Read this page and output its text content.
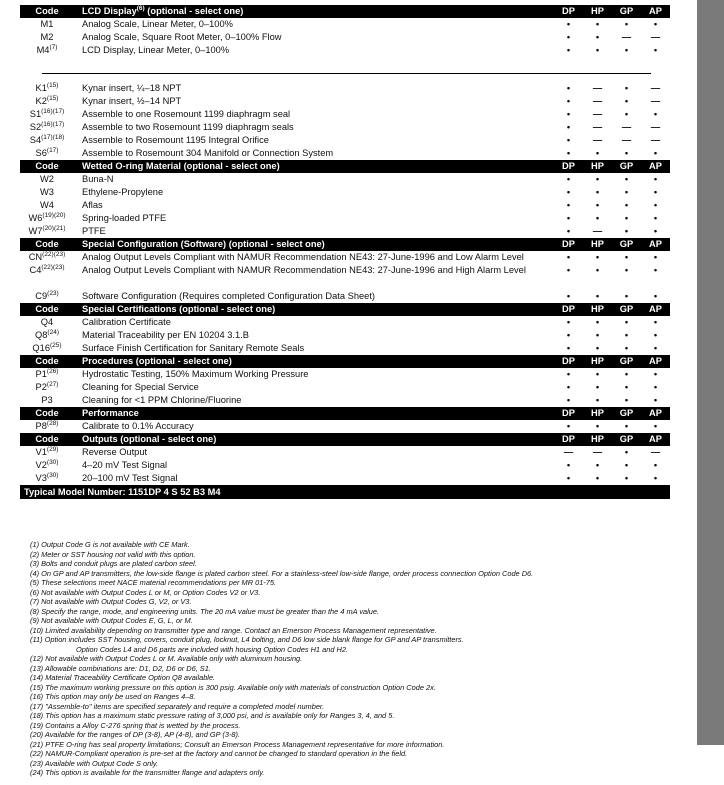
Code	LCD Display$^{(6)}$ (optional - select one)	DP	HP	GP	AP
M1	Analog Scale, Linear Meter, 0–100%	•	•	•	•
M2	Analog Scale, Square Root Meter, 0–100% Flow	•	•	—	—
M4$^{(7)}$	LCD Display, Linear Meter, 0–100%	•	•	•	•
K1$^{(15)}$	Kynar insert, ¼–18 NPT	•	—	•	—
K2$^{(15)}$	Kynar insert, ½–14 NPT	•	—	•	—
$S1^{(16)(17)}$	Assemble to one Rosemount 1199 diaphragm seal	•	—	•	•
$S2^{(16)(17)}$	Assemble to two Rosemount 1199 diaphragm seals	•	—	—	—
$S4^{(17)(18)}$	Assemble to Rosemount 1195 Integral Orifice	•	—	—	—
S6$^{(17)}$	Assemble to Rosemount 304 Manifold or Connection System	•	•	•	•
Code	Wetted O-ring Material (optional - select one)	DP	HP	GP	AP
W2	Buna-N	•	•	•	•
W3	Ethylene-Propylene	•	•	•	•
W4	Aflas	•	•	•	•
$W6^{(19)(20)}$	Spring-loaded PTFE	•	•	•	•
$W7^{(20)(21)}$	PTFE	•	—	•	•
Code	Special Configuration (Software) (optional - select one)	DP	HP	GP	AP
$CN^{(22)(23)}$	Analog Output Levels Compliant with NAMUR Recommendation NE43: 27-June-1996 and Low Alarm Level	•	•	•	•
$C4^{(22)(23)}$	Analog Output Levels Compliant with NAMUR Recommendation NE43: 27-June-1996 and High Alarm Level	•	•	•	•
C9$^{(23)}$	Software Configuration (Requires completed Configuration Data Sheet)	•	•	•	•
Code	Special Certifications (optional - select one)	DP	HP	GP	AP
Q4	Calibration Certificate	•	•	•	•
Q8$^{(24)}$	Material Traceability per EN 10204 3.1.B	•	•	•	•
Q16$^{(25)}$	Surface Finish Certification for Sanitary Remote Seals	•	•	•	•
Code	Procedures (optional - select one)	DP	HP	GP	AP
P1$^{(26)}$	Hydrostatic Testing, 150% Maximum Working Pressure	•	•	•	•
P2$^{(27)}$	Cleaning for Special Service	•	•	•	•
P3	Cleaning for <1 PPM Chlorine/Fluorine	•	•	•	•
Code	Performance	DP	HP	GP	AP
P8$^{(28)}$	Calibrate to 0.1% Accuracy	•	•	•	•
Code	Outputs (optional - select one)	DP	HP	GP	AP
V1$^{(29)}$	Reverse Output	—	—	•	—
V2$^{(30)}$	4–20 mV Test Signal	•	•	•	•
V3$^{(30)}$	20–100 mV Test Signal	•	•	•	•
Typical Model Number: 1151DP 4 S 52 B3 M4					
(1) Output Code G is not available with CE Mark.
(2) Meter or SST housing not valid with this option.
(3) Bolts and conduit plugs are plated carbon steel.
(4) On GP and AP transmitters, the low-side flange is plated carbon steel. For a stainless-steel low-side flange, order process connection Option Code D6.
(5) These selections meet NACE material recommendations per MR 01-75.
(6) Not available with Output Codes L or M, or Option Codes V2 or V3.
(7) Not available with Output Codes G, V2, or V3.
(8) Specify the range, mode, and engineering units. The 20 mA value must be greater than the 4 mA value.
(9) Not available with Output Codes E, G, L, or M.
(10) Limited availability depending on transmitter type and range. Contact an Emerson Process Management representative.
(11) Option includes SST housing, covers, conduit plug, locknut, L4 bolting, and D6 low side blank flange for GP and AP transmitters.
Option Codes L4 and D6 parts are included with housing Option Codes H1 and H2.
(12) Not available with Output Codes L or M. Available only with aluminum housing.
(13) Allowable combinations are: D1, D2, D6 or D6, S1.
(14) Material Traceability Certificate Option Q8 available.
(15) The maximum working pressure on this option is 300 psig. Available only with materials of construction Option Code 2x.
(16) This option may only be used on Ranges 4–8.
(17) "Assemble-to" items are specified separately and require a completed model number.
(18) This option has a maximum static pressure rating of 3,000 psi, and is available only for Ranges 3, 4, and 5.
(19) Contains a Alloy C-276 spring that is wetted by the process.
(20) Available for the ranges of DP (3-8), AP (4-8), and GP (3-8).
(21) PTFE O-ring has seal property limitations; Consult an Emerson Process Management representative for more information.
(22) NAMUR-Compliant operation is pre-set at the factory and cannot be changed to standard operation in the field.
(23) Available with Output Code S only.
(24) This option is available for the transmitter flange and adapters only.
